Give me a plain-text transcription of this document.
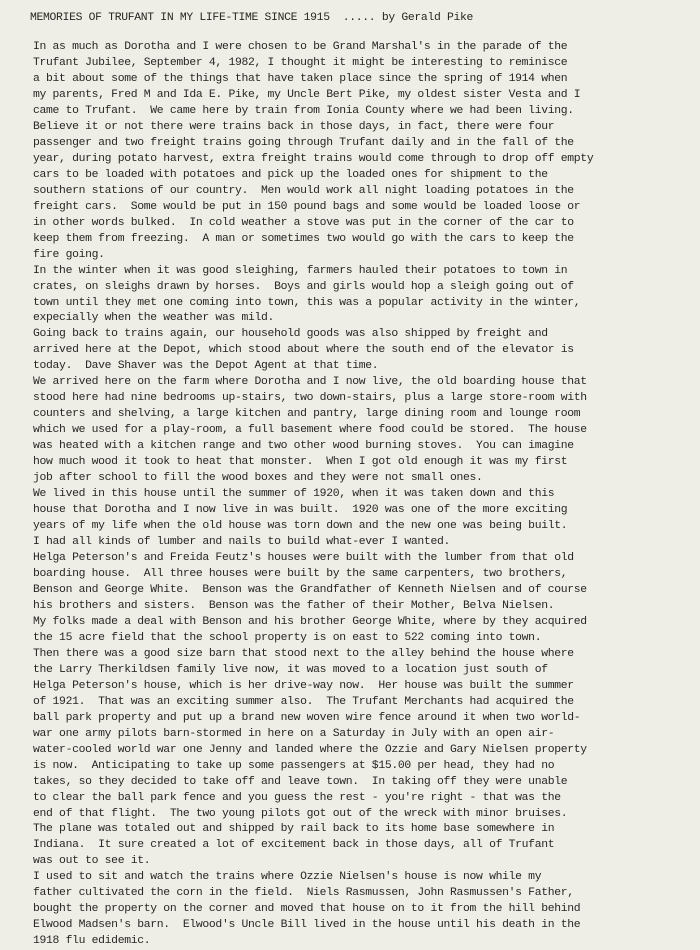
MEMORIES OF TRUFANT IN MY LIFE-TIME SINCE 1915  ..... by Gerald Pike
In as much as Dorotha and I were chosen to be Grand Marshal's in the parade of the
Trufant Jubilee, September 4, 1982, I thought it might be interesting to reminisce
a bit about some of the things that have taken place since the spring of 1914 when
my parents, Fred M and Ida E. Pike, my Uncle Bert Pike, my oldest sister Vesta and I
came to Trufant.  We came here by train from Ionia County where we had been living.
Believe it or not there were trains back in those days, in fact, there were four
passenger and two freight trains going through Trufant daily and in the fall of the
year, during potato harvest, extra freight trains would come through to drop off empty
cars to be loaded with potatoes and pick up the loaded ones for shipment to the
southern stations of our country.  Men would work all night loading potatoes in the
freight cars.  Some would be put in 150 pound bags and some would be loaded loose or
in other words bulked.  In cold weather a stove was put in the corner of the car to
keep them from freezing.  A man or sometimes two would go with the cars to keep the
fire going.
In the winter when it was good sleighing, farmers hauled their potatoes to town in
crates, on sleighs drawn by horses.  Boys and girls would hop a sleigh going out of
town until they met one coming into town, this was a popular activity in the winter,
expecially when the weather was mild.
Going back to trains again, our household goods was also shipped by freight and
arrived here at the Depot, which stood about where the south end of the elevator is
today.  Dave Shaver was the Depot Agent at that time.
We arrived here on the farm where Dorotha and I now live, the old boarding house that
stood here had nine bedrooms up-stairs, two down-stairs, plus a large store-room with
counters and shelving, a large kitchen and pantry, large dining room and lounge room
which we used for a play-room, a full basement where food could be stored.  The house
was heated with a kitchen range and two other wood burning stoves.  You can imagine
how much wood it took to heat that monster.  When I got old enough it was my first
job after school to fill the wood boxes and they were not small ones.
We lived in this house until the summer of 1920, when it was taken down and this
house that Dorotha and I now live in was built.  1920 was one of the more exciting
years of my life when the old house was torn down and the new one was being built.
I had all kinds of lumber and nails to build what-ever I wanted.
Helga Peterson's and Freida Feutz's houses were built with the lumber from that old
boarding house.  All three houses were built by the same carpenters, two brothers,
Benson and George White.  Benson was the Grandfather of Kenneth Nielsen and of course
his brothers and sisters.  Benson was the father of their Mother, Belva Nielsen.
My folks made a deal with Benson and his brother George White, where by they acquired
the 15 acre field that the school property is on east to 522 coming into town.
Then there was a good size barn that stood next to the alley behind the house where
the Larry Therkildsen family live now, it was moved to a location just south of
Helga Peterson's house, which is her drive-way now.  Her house was built the summer
of 1921.  That was an exciting summer also.  The Trufant Merchants had acquired the
ball park property and put up a brand new woven wire fence around it when two world-
war one army pilots barn-stormed in here on a Saturday in July with an open air-
water-cooled world war one Jenny and landed where the Ozzie and Gary Nielsen property
is now.  Anticipating to take up some passengers at $15.00 per head, they had no
takes, so they decided to take off and leave town.  In taking off they were unable
to clear the ball park fence and you guess the rest - you're right - that was the
end of that flight.  The two young pilots got out of the wreck with minor bruises.
The plane was totaled out and shipped by rail back to its home base somewhere in
Indiana.  It sure created a lot of excitement back in those days, all of Trufant
was out to see it.
I used to sit and watch the trains where Ozzie Nielsen's house is now while my
father cultivated the corn in the field.  Niels Rasmussen, John Rasmussen's Father,
bought the property on the corner and moved that house on to it from the hill behind
Elwood Madsen's barn.  Elwood's Uncle Bill lived in the house until his death in the
1918 flu edidemic.
